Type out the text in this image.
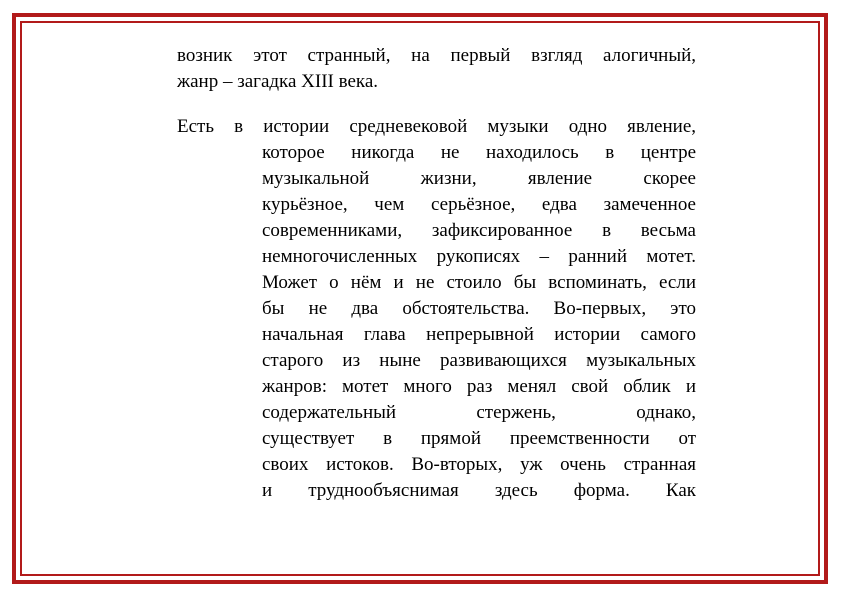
возник этот странный, на первый взгляд алогичный,
жанр – загадка XIII века.
Есть в истории средневековой музыки одно явление,
которое никогда не находилось в центре
музыкальной жизни, явление скорее
курьёзное, чем серьёзное, едва замеченное
современниками, зафиксированное в весьма
немногочисленных рукописях – ранний мотет.
Может о нём и не стоило бы вспоминать, если
бы не два обстоятельства. Во-первых, это
начальная глава непрерывной истории самого
старого из ныне развивающихся музыкальных
жанров: мотет много раз менял свой облик и
содержательный стержень, однако,
существует в прямой преемственности от
своих истоков. Во-вторых, уж очень странная
и труднообъяснимая здесь форма. Как
